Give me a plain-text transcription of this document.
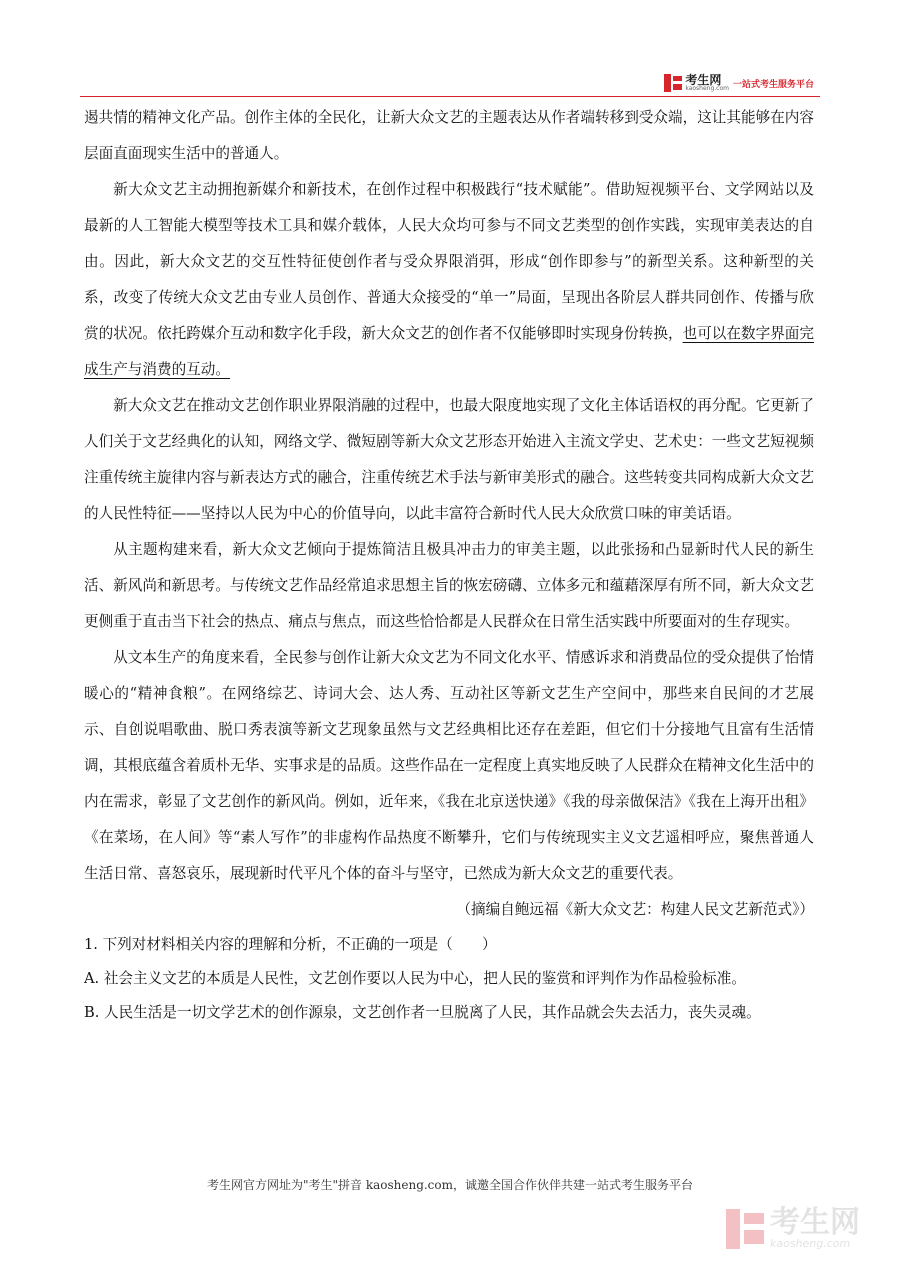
考生网
kaosheng.com 一站式考生服务平台

遏共情的精神文化产品。创作主体的全民化，让新大众文艺的主题表达从作者端转移到受众端，这让其能够在内容层面直面现实生活中的普通人。

新大众文艺主动拥抱新媒介和新技术，在创作过程中积极践行“技术赋能”。借助短视频平台、文学网站以及最新的人工智能大模型等技术工具和媒介载体，人民大众均可参与不同文艺类型的创作实践，实现审美表达的自由。因此，新大众文艺的交互性特征使创作者与受众界限消弭，形成“创作即参与”的新型关系。这种新型的关系，改变了传统大众文艺由专业人员创作、普通大众接受的“单一”局面，呈现出各阶层人群共同创作、传播与欣赏的状况。依托跨媒介互动和数字化手段，新大众文艺的创作者不仅能够即时实现身份转换，也可以在数字界面完成生产与消费的互动。

新大众文艺在推动文艺创作职业界限消融的过程中，也最大限度地实现了文化主体话语权的再分配。它更新了人们关于文艺经典化的认知，网络文学、微短剧等新大众文艺形态开始进入主流文学史、艺术史：一些文艺短视频注重传统主旋律内容与新表达方式的融合，注重传统艺术手法与新审美形式的融合。这些转变共同构成新大众文艺的人民性特征——坚持以人民为中心的价值导向，以此丰富符合新时代人民大众欣赏口味的审美话语。

从主题构建来看，新大众文艺倾向于提炼简洁且极具冲击力的审美主题，以此张扬和凸显新时代人民的新生活、新风尚和新思考。与传统文艺作品经常追求思想主旨的恢宏磅礴、立体多元和蕴藉深厚有所不同，新大众文艺更侧重于直击当下社会的热点、痛点与焦点，而这些恰恰都是人民群众在日常生活实践中所要面对的生存现实。

从文本生产的角度来看，全民参与创作让新大众文艺为不同文化水平、情感诉求和消费品位的受众提供了怡情暖心的“精神食粮”。在网络综艺、诗词大会、达人秀、互动社区等新文艺生产空间中，那些来自民间的才艺展示、自创说唱歌曲、脱口秀表演等新文艺现象虽然与文艺经典相比还存在差距，但它们十分接地气且富有生活情调，其根底蕴含着质朴无华、实事求是的品质。这些作品在一定程度上真实地反映了人民群众在精神文化生活中的内在需求，彰显了文艺创作的新风尚。例如，近年来，《我在北京送快递》《我的母亲做保洁》《我在上海开出租》《在菜场，在人间》等“素人写作”的非虚构作品热度不断攀升，它们与传统现实主义文艺遥相呼应，聚焦普通人生活日常、喜怒哀乐，展现新时代平凡个体的奋斗与坚守，已然成为新大众文艺的重要代表。

（摘编自鲍远福《新大众文艺：构建人民文艺新范式》）

1. 下列对材料相关内容的理解和分析，不正确的一项是（　　）

A. 社会主义文艺的本质是人民性，文艺创作要以人民为中心，把人民的鉴赏和评判作为作品检验标准。

B. 人民生活是一切文学艺术的创作源泉，文艺创作者一旦脱离了人民，其作品就会失去活力，丧失灵魂。

考生网官方网址为"考生"拼音 kaosheng.com，诚邀全国合作伙伴共建一站式考生服务平台
考生网
kaosheng.com
